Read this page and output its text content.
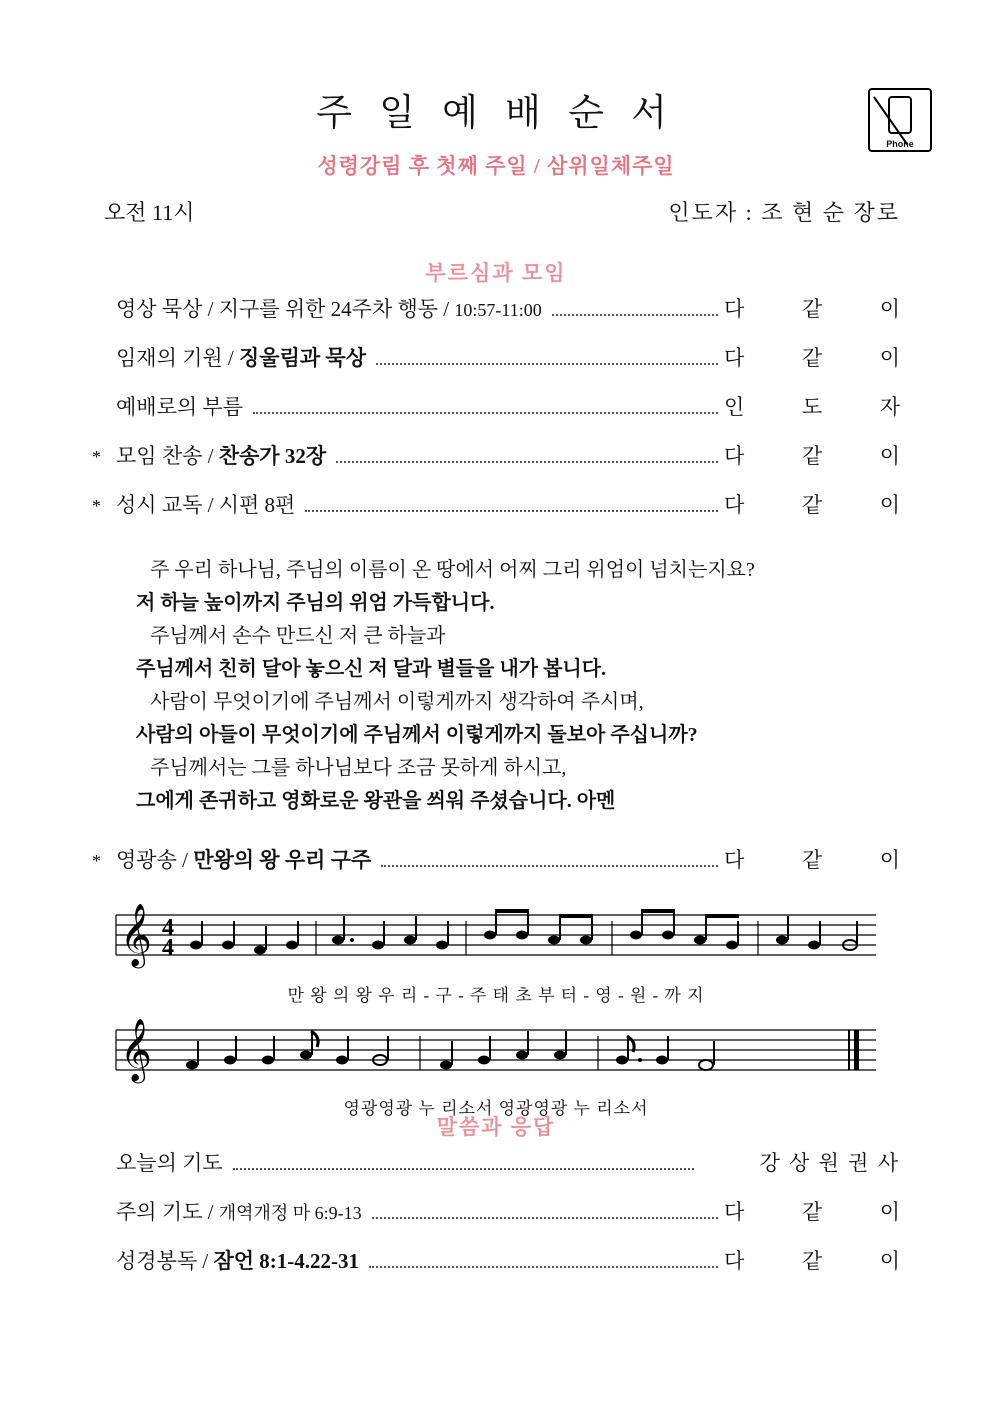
주 일 예 배 순 서
성령강림 후 첫째 주일 / 삼위일체주일
Phone
오전 11시	인도자 : 조 현 순 장로
부르심과 모임
영상 묵상 / 지구를 위한 24주차 행동 / 10:57-11:00	다	같	이
임재의 기원 / 징울림과 묵상	다	같	이
예배로의 부름	인	도	자
* 모임 찬송 / 찬송가 32장	다	같	이
* 성시 교독 / 시편 8편	다	같	이
주 우리 하나님, 주님의 이름이 온 땅에서 어찌 그리 위엄이 넘치는지요?
저 하늘 높이까지 주님의 위엄 가득합니다.
주님께서 손수 만드신 저 큰 하늘과
주님께서 친히 달아 놓으신 저 달과 별들을 내가 봅니다.
사람이 무엇이기에 주님께서 이렇게까지 생각하여 주시며,
사람의 아들이 무엇이기에 주님께서 이렇게까지 돌보아 주십니까?
주님께서는 그를 하나님보다 조금 못하게 하시고,
그에게 존귀하고 영화로운 왕관을 씌워 주셨습니다. 아멘
* 영광송 / 만왕의 왕 우리 구주	다	같	이
𝄞 4
4
만 왕 의 왕 우 리 - 구 - 주 태 초 부 터 - 영 - 원 - 까 지
𝄞
영광영광 누 리소서 영광영광 누 리소서
말씀과 응답
오늘의 기도	강 상 원 권 사
주의 기도 / 개역개정 마 6:9-13	다	같	이
성경봉독 / 잠언 8:1-4.22-31	다	같	이
